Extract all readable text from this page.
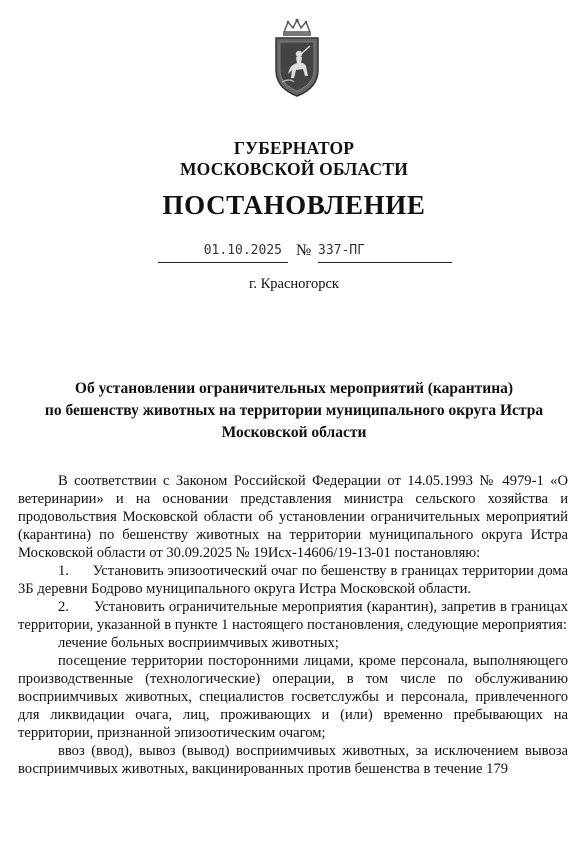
ГУБЕРНАТОР
МОСКОВСКОЙ ОБЛАСТИ
ПОСТАНОВЛЕНИЕ
01.10.2025 № 337-ПГ
г. Красногорск
Об установлении ограничительных мероприятий (карантина)
по бешенству животных на территории муниципального округа Истра
Московской области

В соответствии с Законом Российской Федерации от 14.05.1993 № 4979-1 «О ветеринарии» и на основании представления министра сельского хозяйства и продовольствия Московской области об установлении ограничительных мероприятий (карантина) по бешенству животных на территории муниципального округа Истра Московской области от 30.09.2025 № 19Исх-14606/19-13-01 постановляю:

1. Установить эпизоотический очаг по бешенству в границах территории дома 3Б деревни Бодрово муниципального округа Истра Московской области.

2. Установить ограничительные мероприятия (карантин), запретив в границах территории, указанной в пункте 1 настоящего постановления, следующие мероприятия:

лечение больных восприимчивых животных;

посещение территории посторонними лицами, кроме персонала, выполняющего производственные (технологические) операции, в том числе по обслуживанию восприимчивых животных, специалистов госветслужбы и персонала, привлеченного для ликвидации очага, лиц, проживающих и (или) временно пребывающих на территории, признанной эпизоотическим очагом;

ввоз (ввод), вывоз (вывод) восприимчивых животных, за исключением вывоза восприимчивых животных, вакцинированных против бешенства в течение 179
